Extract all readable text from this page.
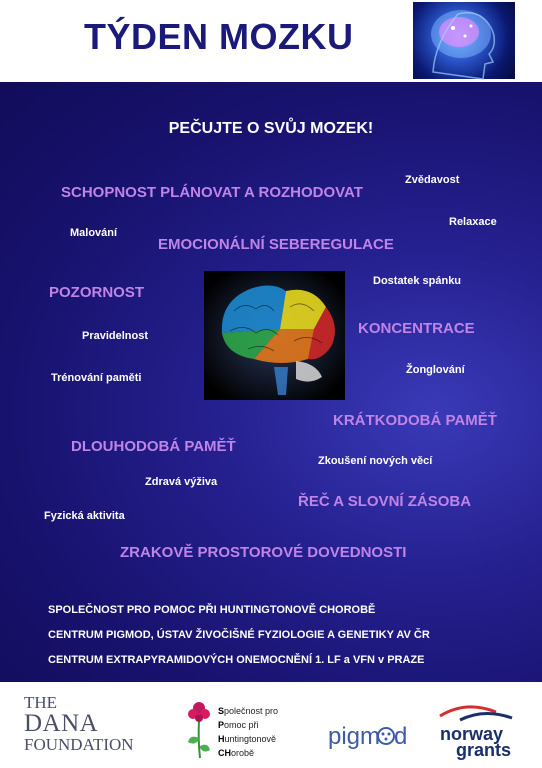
TÝDEN MOZKU
PEČUJTE O SVŮJ MOZEK!
SCHOPNOST PLÁNOVAT A ROZHODOVAT
EMOCIONÁLNÍ SEBEREGULACE
POZORNOST
KONCENTRACE
KRÁTKODOBÁ PAMĚŤ
DLOUHODOBÁ PAMĚŤ
ŘEČ A SLOVNÍ ZÁSOBA
ZRAKOVĚ PROSTOROVÉ DOVEDNOSTI
Zvědavost
Relaxace
Malování
Dostatek spánku
Pravidelnost
Žonglování
Trénování paměti
Zkoušení nových věcí
Zdravá výživa
Fyzická aktivita
SPOLEČNOST PRO POMOC PŘI HUNTINGTONOVĚ CHOROBĚ
CENTRUM PIGMOD, ÚSTAV ŽIVOČIŠNÉ FYZIOLOGIE A GENETIKY AV ČR
CENTRUM EXTRAPYRAMIDOVÝCH ONEMOCNĚNÍ 1. LF a VFN v PRAZE
THE
DANA
FOUNDATION
Společnost pro
Pomoc při
Huntingtonově
CHorobě
pigm d norway
grants
